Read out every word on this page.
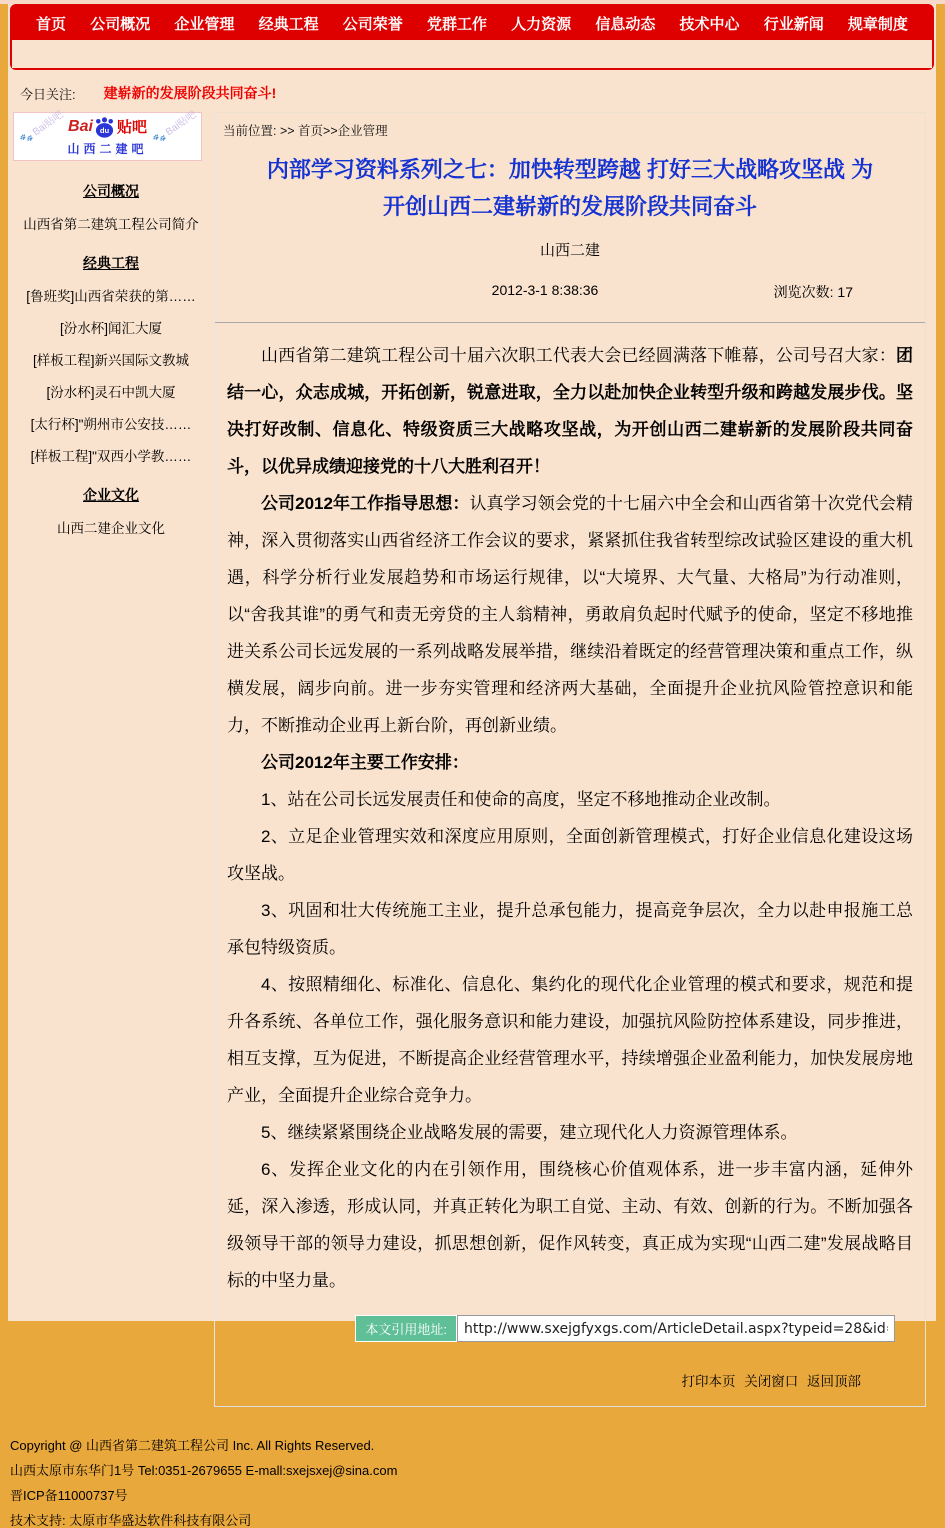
首页 公司概况 企业管理 经典工程 公司荣誉 党群工作 人力资源 信息动态 技术中心 行业新闻 规章制度
今日关注: 建崭新的发展阶段共同奋斗!
🐾 Bai贴吧	🐾 Bai贴吧
Bai du 贴吧
山西二建吧
公司概况
山西省第二建筑工程公司简介
经典工程
[鲁班奖]山西省荣获的第……
[汾水杯]闻汇大厦
[样板工程]新兴国际文教城
[汾水杯]灵石中凯大厦
[太行杯]"朔州市公安技……
[样板工程]"双西小学教……
企业文化
山西二建企业文化
当前位置: >> 首页>>企业管理
内部学习资料系列之七：加快转型跨越 打好三大战略攻坚战 为开创山西二建崭新的发展阶段共同奋斗
山西二建
2012-3-1 8:38:36	浏览次数: 17

山西省第二建筑工程公司十届六次职工代表大会已经圆满落下帷幕，公司号召大家：团结一心，众志成城，开拓创新，锐意进取，全力以赴加快企业转型升级和跨越发展步伐。坚决打好改制、信息化、特级资质三大战略攻坚战，为开创山西二建崭新的发展阶段共同奋斗，以优异成绩迎接党的十八大胜利召开！

公司2012年工作指导思想：认真学习领会党的十七届六中全会和山西省第十次党代会精神，深入贯彻落实山西省经济工作会议的要求，紧紧抓住我省转型综改试验区建设的重大机遇，科学分析行业发展趋势和市场运行规律，以“大境界、大气量、大格局”为行动准则，以“舍我其谁”的勇气和责无旁贷的主人翁精神，勇敢肩负起时代赋予的使命，坚定不移地推进关系公司长远发展的一系列战略发展举措，继续沿着既定的经营管理决策和重点工作，纵横发展，阔步向前。进一步夯实管理和经济两大基础，全面提升企业抗风险管控意识和能力，不断推动企业再上新台阶，再创新业绩。

公司2012年主要工作安排：

1、站在公司长远发展责任和使命的高度，坚定不移地推动企业改制。

2、立足企业管理实效和深度应用原则，全面创新管理模式，打好企业信息化建设这场攻坚战。

3、巩固和壮大传统施工主业，提升总承包能力，提高竞争层次，全力以赴申报施工总承包特级资质。

4、按照精细化、标准化、信息化、集约化的现代化企业管理的模式和要求，规范和提升各系统、各单位工作，强化服务意识和能力建设，加强抗风险防控体系建设，同步推进，相互支撑，互为促进，不断提高企业经营管理水平，持续增强企业盈利能力，加快发展房地产业，全面提升企业综合竞争力。

5、继续紧紧围绕企业战略发展的需要，建立现代化人力资源管理体系。

6、发挥企业文化的内在引领作用，围绕核心价值观体系，进一步丰富内涵，延伸外延，深入渗透，形成认同，并真正转化为职工自觉、主动、有效、创新的行为。不断加强各级领导干部的领导力建设，抓思想创新，促作风转变，真正成为实现“山西二建”发展战略目标的中坚力量。

本文引用地址:
http://www.sxejgfyxgs.com/ArticleDetail.aspx?typeid=28&id=6457
打印本页 关闭窗口 返回顶部
Copyright @ 山西省第二建筑工程公司 Inc. All Rights Reserved.
山西太原市东华门1号 Tel:0351-2679655 E-mall:sxejsxej@sina.com
晋ICP备11000737号
技术支持: 太原市华盛达软件科技有限公司
